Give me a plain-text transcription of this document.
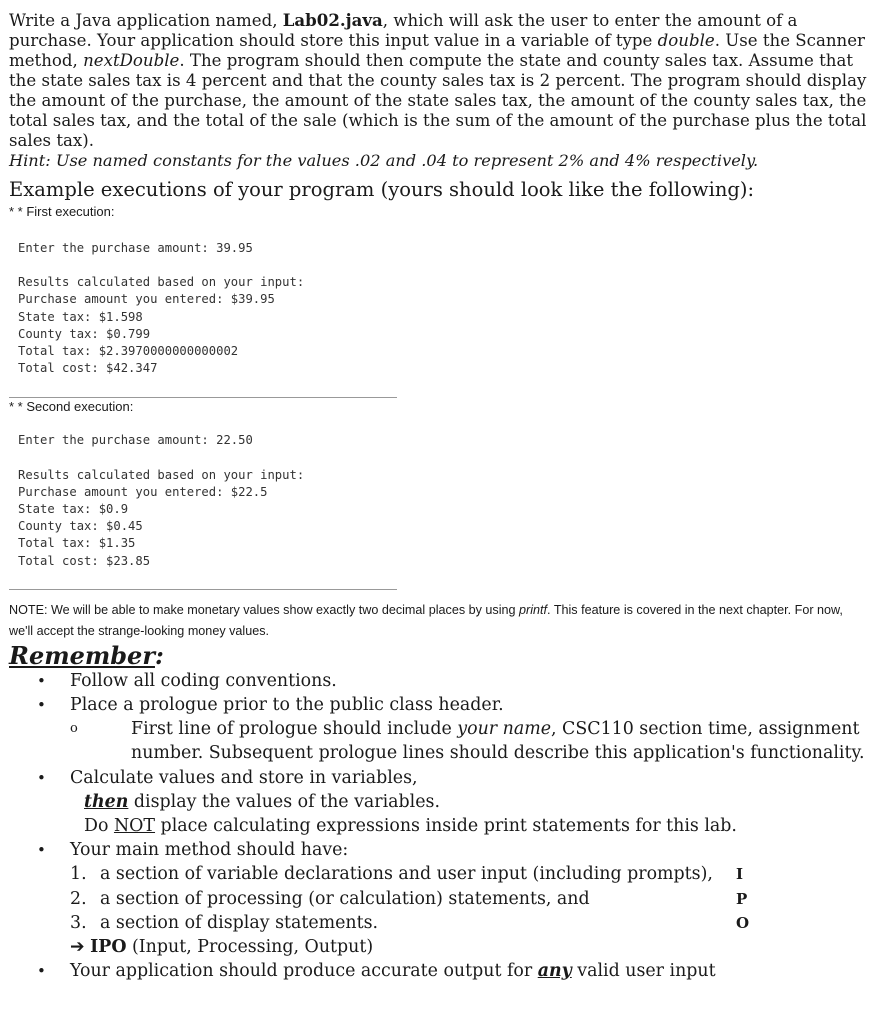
Write a Java application named, Lab02.java, which will ask the user to enter the amount of a purchase. Your application should store this input value in a variable of type double. Use the Scanner method, nextDouble. The program should then compute the state and county sales tax. Assume that the state sales tax is 4 percent and that the county sales tax is 2 percent. The program should display the amount of the purchase, the amount of the state sales tax, the amount of the county sales tax, the total sales tax, and the total of the sale (which is the sum of the amount of the purchase plus the total sales tax).

Hint: Use named constants for the values .02 and .04 to represent 2% and 4% respectively.

Example executions of your program (yours should look like the following):

* * First execution:

Enter the purchase amount: 39.95
Results calculated based on your input:
Purchase amount you entered: $39.95
State tax: $1.598
County tax: $0.799
Total tax: $2.3970000000000002
Total cost: $42.347

* * Second execution:

Enter the purchase amount: 22.50
Results calculated based on your input:
Purchase amount you entered: $22.5
State tax: $0.9
County tax: $0.45
Total tax: $1.35
Total cost: $23.85

NOTE: We will be able to make monetary values show exactly two decimal places by using printf. This feature is covered in the next chapter. For now, we'll accept the strange-looking money values.

Remember:

• Follow all coding conventions.
• Place a prologue prior to the public class header.
o	First line of prologue should include your name, CSC110 section time, assignment number. Subsequent prologue lines should describe this application's functionality.
• Calculate values and store in variables,
then display the values of the variables.
Do NOT place calculating expressions inside print statements for this lab.
• Your main method should have:
1. a section of variable declarations and user input (including prompts), I
2. a section of processing (or calculation) statements, and	P
3. a section of display statements.	O
➔ IPO (Input, Processing, Output)
• Your application should produce accurate output for any valid user input
